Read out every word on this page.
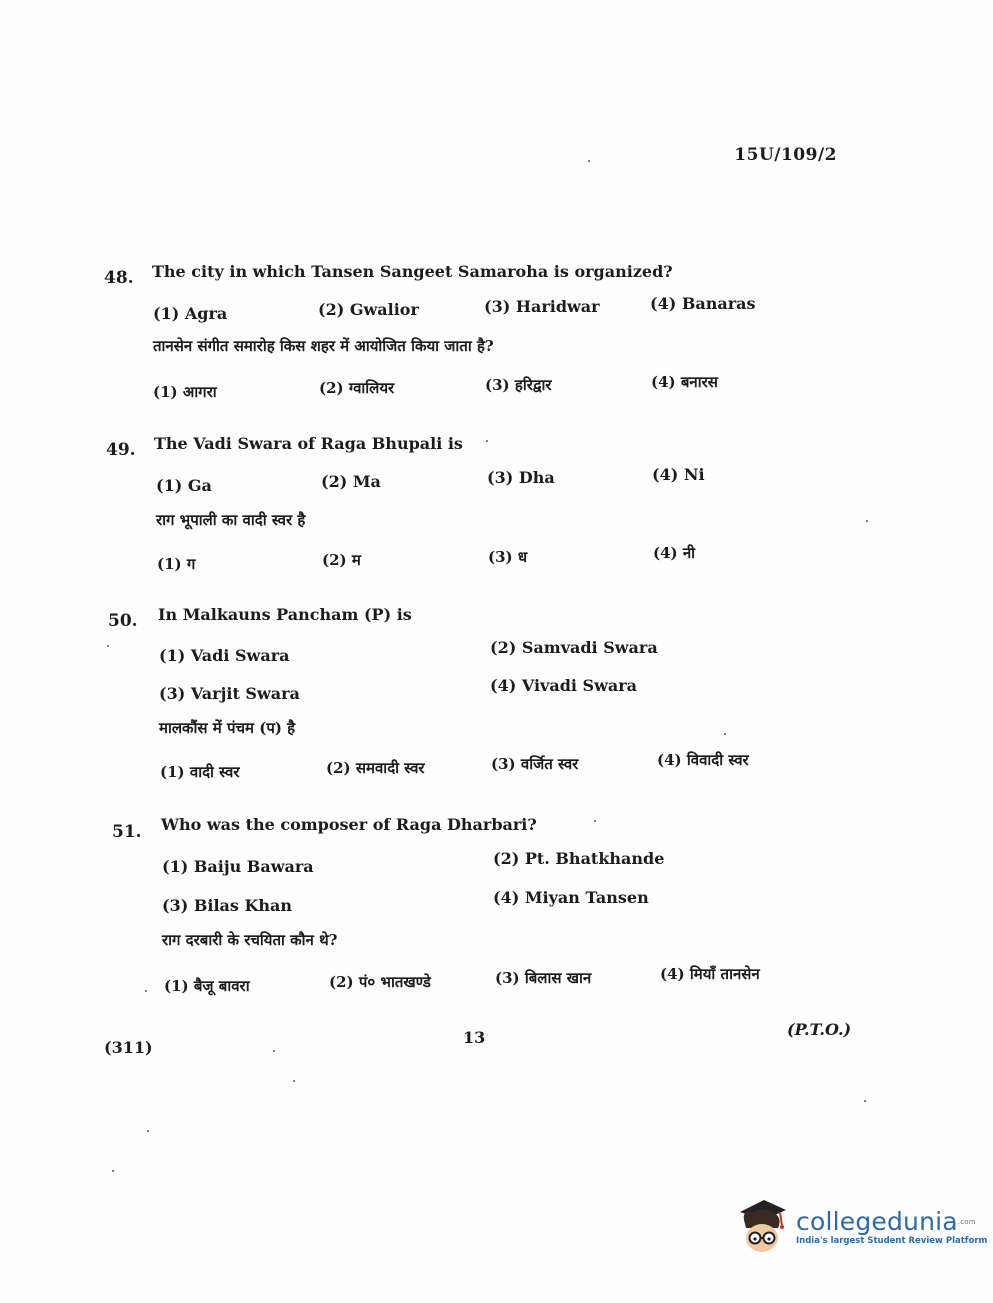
15U/109/2
48. The city in which Tansen Sangeet Samaroha is organized?
(1) Agra	(2) Gwalior	(3) Haridwar	(4) Banaras
तानसेन संगीत समारोह किस शहर में आयोजित किया जाता है?
(1) आगरा	(2) ग्वालियर	(3) हरिद्वार	(4) बनारस
49. The Vadi Swara of Raga Bhupali is
(1) Ga	(2) Ma	(3) Dha	(4) Ni
राग भूपाली का वादी स्वर है
(1) ग	(2) म	(3) ध	(4) नी
50. In Malkauns Pancham (P) is
(1) Vadi Swara	(2) Samvadi Swara
(3) Varjit Swara	(4) Vivadi Swara
मालकौंस में पंचम (प) है
(1) वादी स्वर	(2) समवादी स्वर	(3) वर्जित स्वर	(4) विवादी स्वर
51. Who was the composer of Raga Dharbari?
(1) Baiju Bawara	(2) Pt. Bhatkhande
(3) Bilas Khan	(4) Miyan Tansen
राग दरबारी के रचयिता कौन थे?
(1) बैजू बावरा	(2) पं० भातखण्डे	(3) बिलास खान	(4) मियाँ तानसेन
(311)
13	(P.T.O.)
collegedunia$^{.com}$
India's largest Student Review Platform
